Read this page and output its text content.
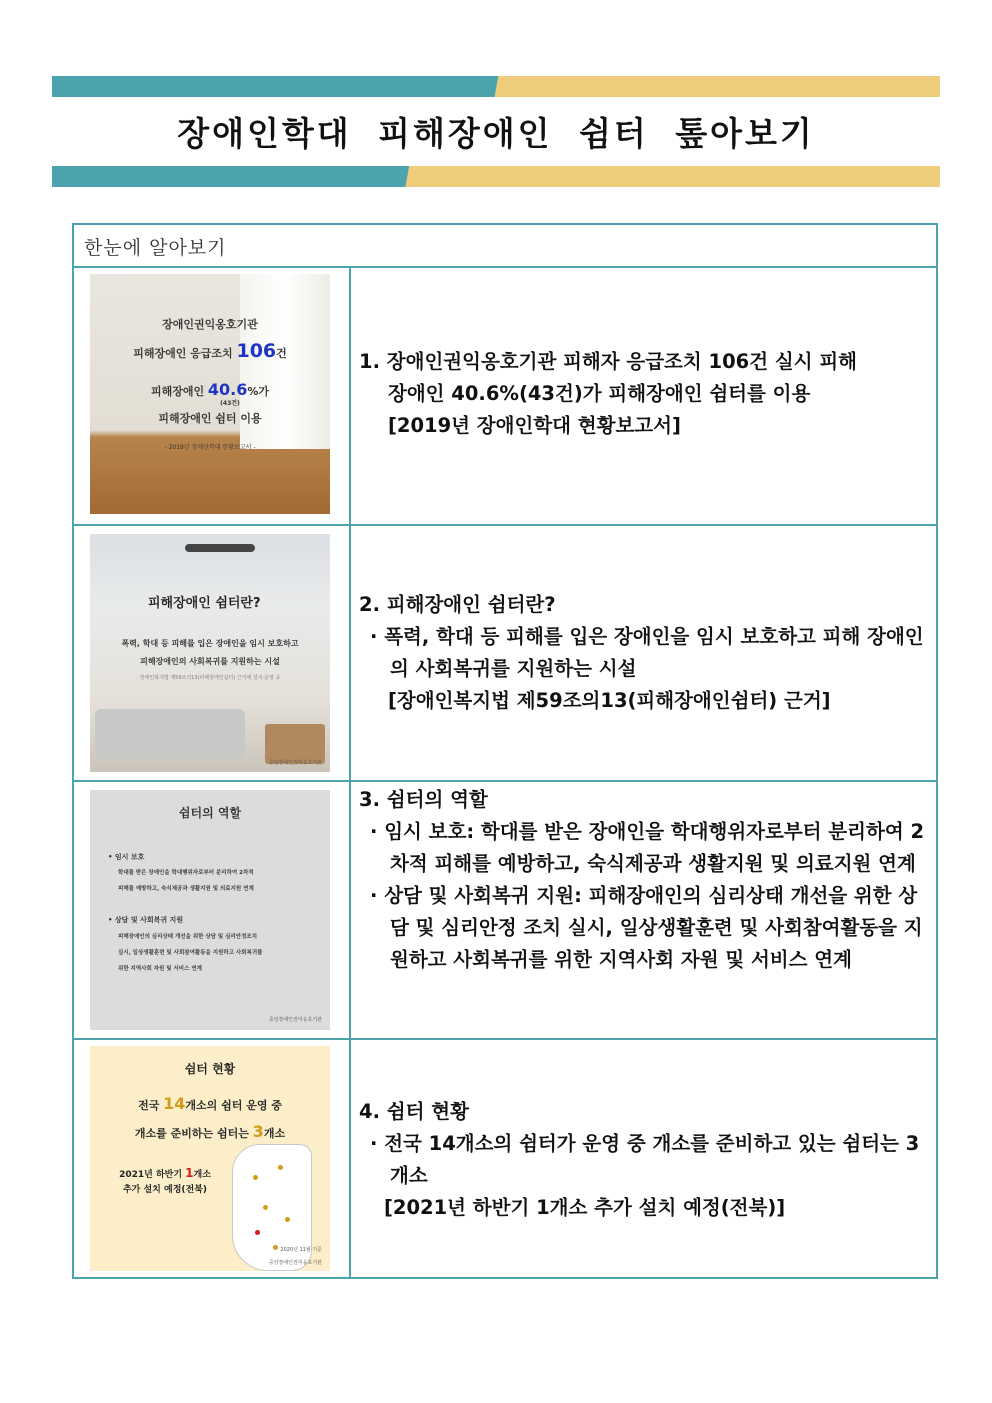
장애인학대 피해장애인 쉼터 톺아보기
한눈에 알아보기
장애인권익옹호기관
피해장애인 응급조치 106건
피해장애인 40.6%가
(43건)
피해장애인 쉼터 이용
- 2019년 장애인학대 현황보고서 -

1. 장애인권익옹호기관 피해자 응급조치 106건 실시 피해

장애인 40.6%(43건)가 피해장애인 쉼터를 이용

[2019년 장애인학대 현황보고서]

피해장애인 쉼터란?
폭력, 학대 등 피해를 입은 장애인을 임시 보호하고
피해장애인의 사회복귀를 지원하는 시설
장애인복지법 제59조의13(피해장애인쉼터) 근거에 설치·운영 중
중앙장애인권익옹호기관

2. 피해장애인 쉼터란?

· 폭력, 학대 등 피해를 입은 장애인을 임시 보호하고 피해 장애인의 사회복귀를 지원하는 시설

[장애인복지법 제59조의13(피해장애인쉼터) 근거]

쉼터의 역할
• 임시 보호
학대를 받은 장애인을 학대행위자로부터 분리하여 2차적
피해를 예방하고, 숙식제공과 생활지원 및 의료지원 연계
• 상담 및 사회복귀 지원
피해장애인의 심리상태 개선을 위한 상담 및 심리안정조치
실시, 일상생활훈련 및 사회참여활동을 지원하고 사회복귀를
위한 지역사회 자원 및 서비스 연계
중앙장애인권익옹호기관

3. 쉼터의 역할

· 임시 보호: 학대를 받은 장애인을 학대행위자로부터 분리하여 2차적 피해를 예방하고, 숙식제공과 생활지원 및 의료지원 연계

· 상담 및 사회복귀 지원: 피해장애인의 심리상태 개선을 위한 상담 및 심리안정 조치 실시, 일상생활훈련 및 사회참여활동을 지원하고 사회복귀를 위한 지역사회 자원 및 서비스 연계

쉼터 현황
전국 14개소의 쉼터 운영 중
개소를 준비하는 쉼터는 3개소
2021년 하반기 1개소
추가 설치 예정(전북)
2020년 11월 기준
중앙장애인권익옹호기관

4. 쉼터 현황

· 전국 14개소의 쉼터가 운영 중 개소를 준비하고 있는 쉼터는 3개소

[2021년 하반기 1개소 추가 설치 예정(전북)]
